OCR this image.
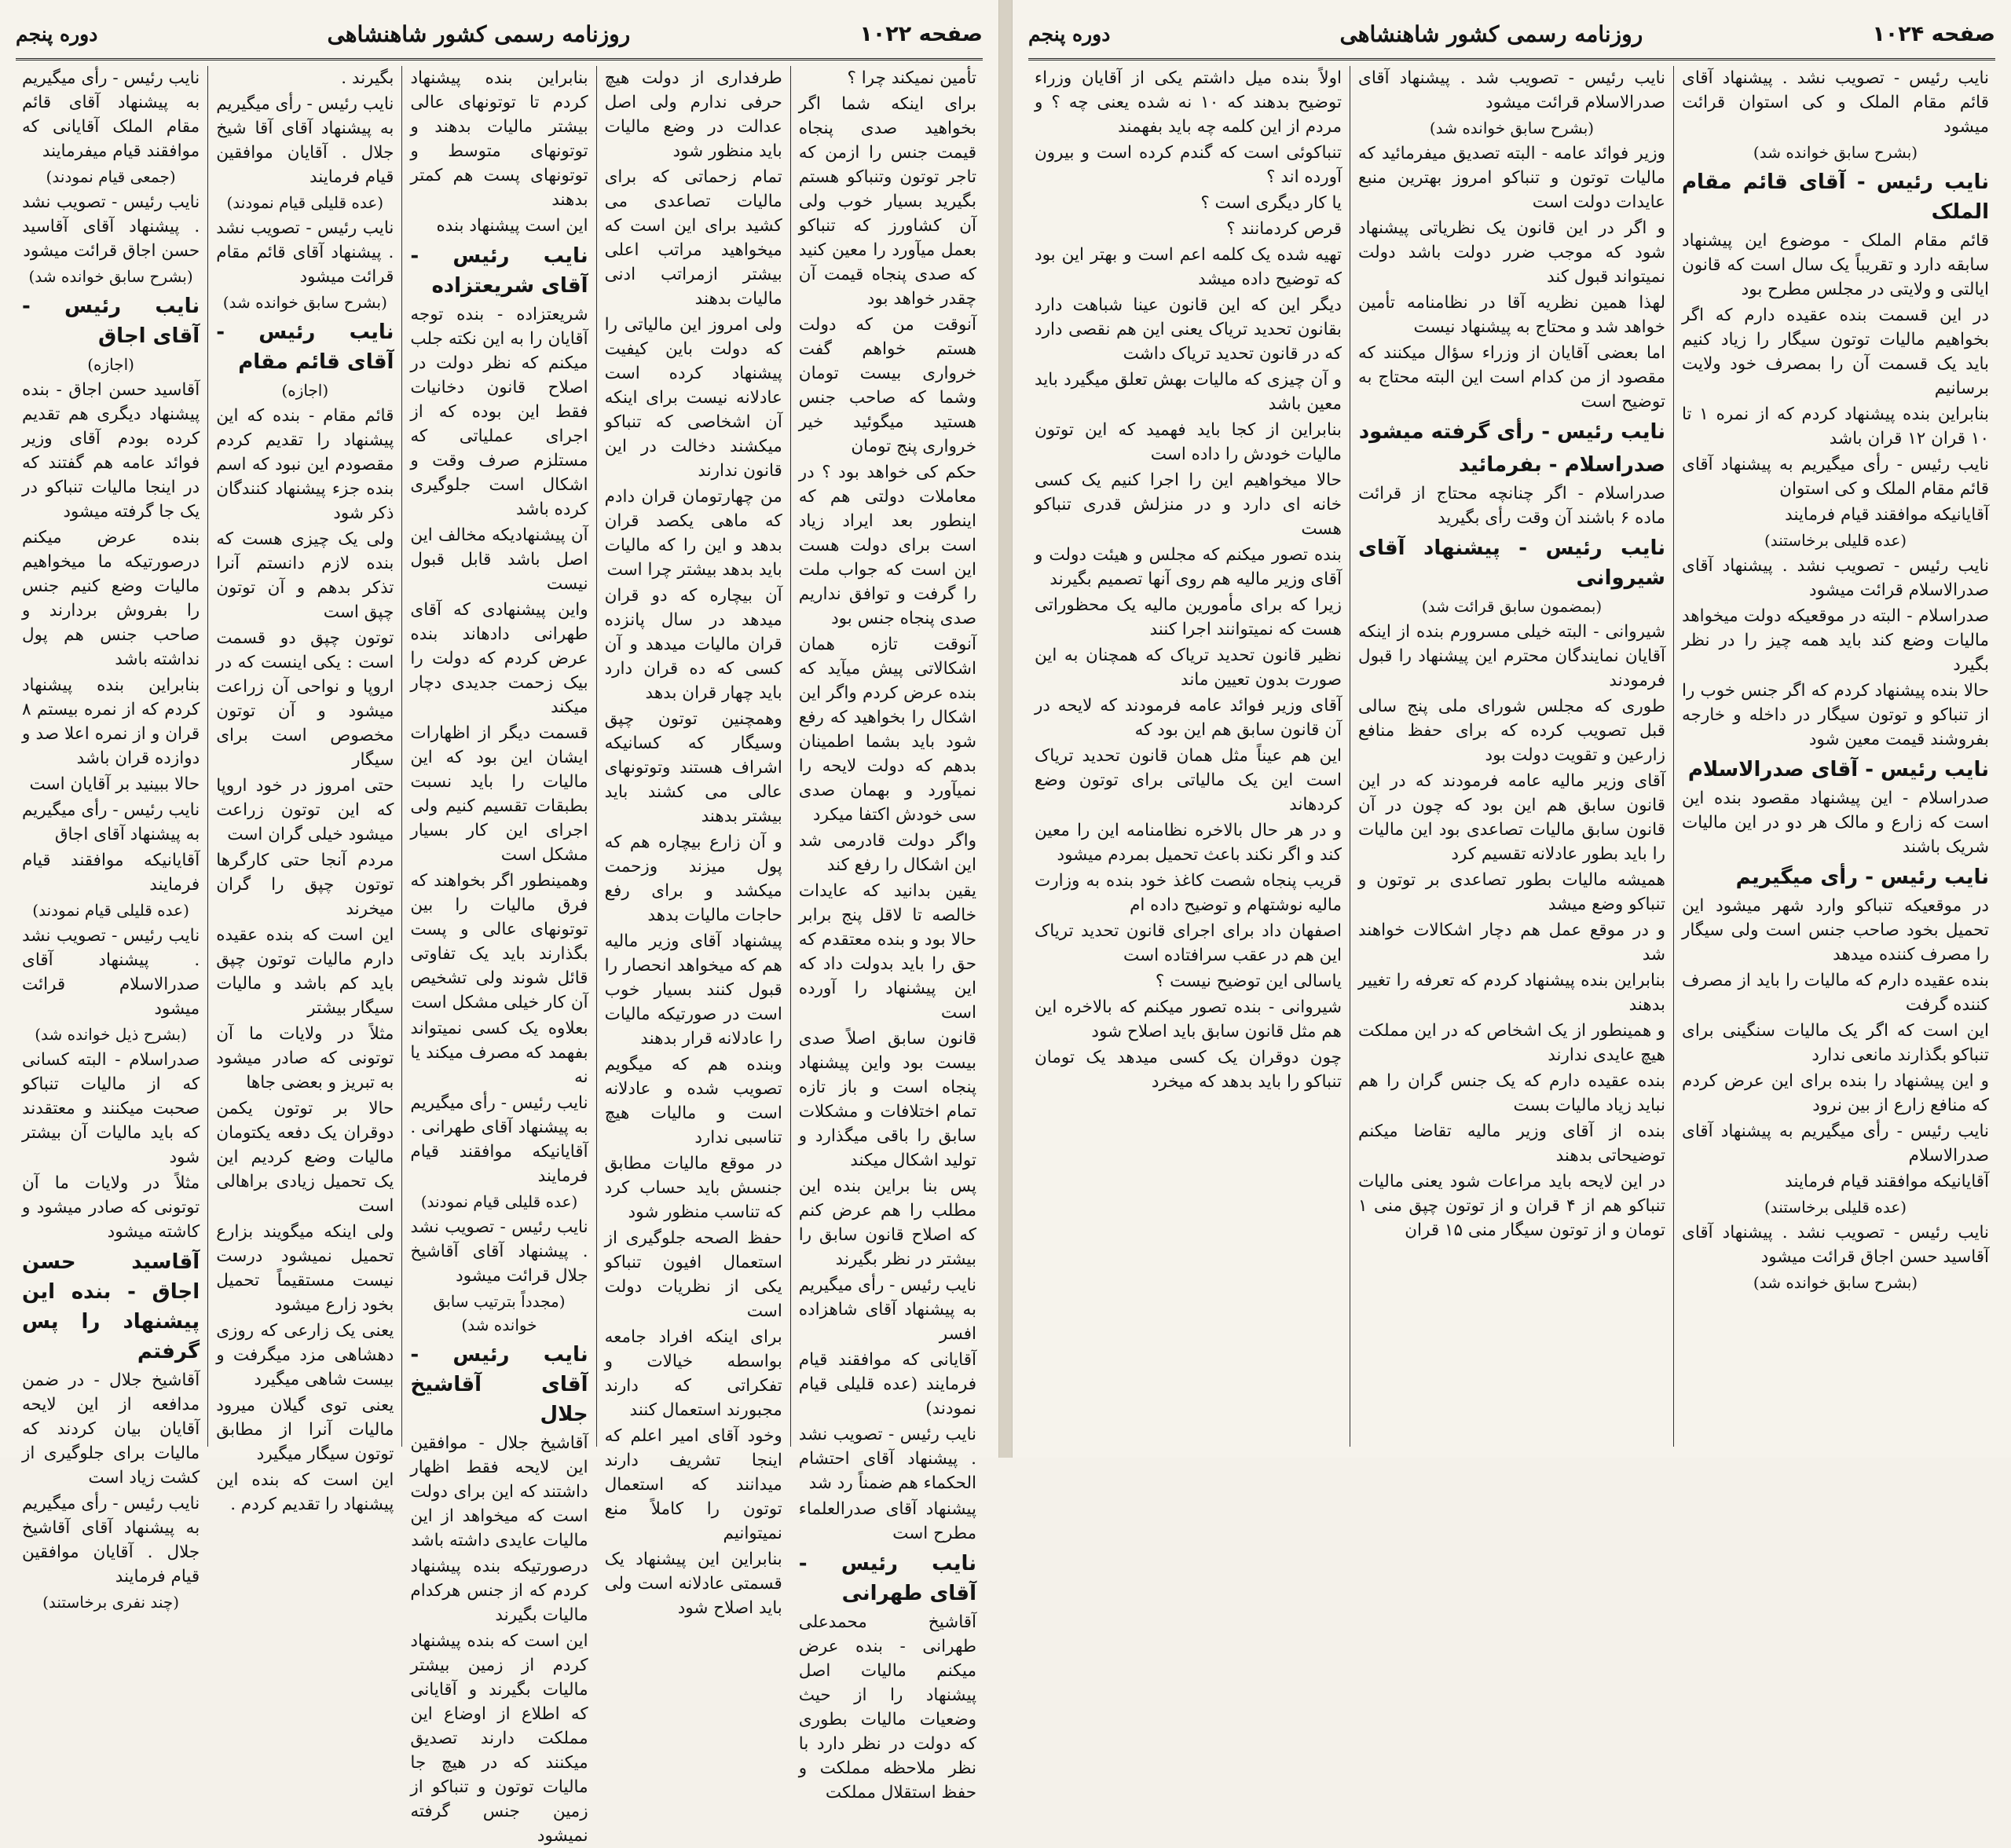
صفحه ۱۰۲۲
روزنامه رسمی کشور شاهنشاهی
دوره پنجم

تأمین نمیکند چرا ؟

برای اینکه شما اگر بخواهید صدی پنجاه قیمت جنس را ازمن که تاجر توتون وتنباکو هستم بگیرید بسیار خوب ولی آن کشاورز که تنباکو بعمل میآورد را معین کنید که صدی پنجاه قیمت آن چقدر خواهد بود

آنوقت من که دولت هستم خواهم گفت خرواری بیست تومان وشما که صاحب جنس هستید میگوئید خیر خرواری پنج تومان

حکم کی خواهد بود ؟ در معاملات دولتی هم که اینطور بعد ایراد زیاد است برای دولت هست این است که جواب ملت را گرفت و توافق نداریم صدی پنجاه جنس بود

آنوقت تازه همان اشکالاتی پیش میآید که بنده عرض کردم واگر این اشکال را بخواهید که رفع شود باید بشما اطمینان بدهم که دولت لایحه را نمیآورد و بهمان صدی سی خودش اکتفا میکرد

واگر دولت قادرمی شد این اشکال را رفع کند

یقین بدانید که عایدات خالصه تا لاقل پنج برابر حالا بود و بنده معتقدم که حق را باید بدولت داد که این پیشنهاد را آورده است

قانون سابق اصلاً صدی بیست بود واین پیشنهاد پنجاه است و باز تازه تمام اختلافات و مشکلات سابق را باقی میگذارد و تولید اشکال میکند

پس بنا براین بنده این مطلب را هم عرض کنم که اصلاح قانون سابق را بیشتر در نظر بگیرند

نایب رئیس - رأی میگیریم به پیشنهاد آقای شاهزاده افسر

آقایانی که موافقند قیام فرمایند (عده قلیلی قیام نمودند)

نایب رئیس - تصویب نشد . پیشنهاد آقای احتشام الحکماء هم ضمناً رد شد

پیشنهاد آقای صدرالعلماء مطرح است

نایب رئیس - آقای طهرانی

آقاشیخ محمدعلی طهرانی - بنده عرض میکنم مالیات اصل پیشنهاد را از حیث وضعیات مالیات بطوری که دولت در نظر دارد با نظر ملاحظه مملکت و حفظ استقلال مملکت

طرفداری از دولت هیچ حرفی ندارم ولی اصل عدالت در وضع مالیات باید منظور شود

تمام زحماتی که برای مالیات تصاعدی می کشید برای این است که میخواهید مراتب اعلی بیشتر ازمراتب ادنی مالیات بدهند

ولی امروز این مالیاتی را که دولت باین کیفیت پیشنهاد کرده است عادلانه نیست برای اینکه آن اشخاصی که تنباکو میکشند دخالت در این قانون ندارند

من چهارتومان قران دادم که ماهی یکصد قران بدهد و این را که مالیات باید بدهد بیشتر چرا است

آن بیچاره که دو قران میدهد در سال پانزده قران مالیات میدهد و آن کسی که ده قران دارد باید چهار قران بدهد

وهمچنین توتون چپق وسیگار که کسانیکه اشراف هستند وتوتونهای عالی می کشند باید بیشتر بدهند

و آن زارع بیچاره هم که پول میزند وزحمت میکشد و برای رفع حاجات مالیات بدهد

پیشنهاد آقای وزیر مالیه هم که میخواهد انحصار را قبول کنند بسیار خوب است در صورتیکه مالیات را عادلانه قرار بدهند

وبنده هم که میگویم تصویب شده و عادلانه است و مالیات هیچ تناسبی ندارد

در موقع مالیات مطابق جنسش باید حساب کرد که تناسب منظور شود

حفظ الصحه جلوگیری از استعمال افیون تنباکو یکی از نظریات دولت است

برای اینکه افراد جامعه بواسطه خیالات و تفکراتی که دارند مجبورند استعمال کنند

وخود آقای امیر اعلم که اینجا تشریف دارند میدانند که استعمال توتون را کاملاً منع نمیتوانیم

بنابراین این پیشنهاد یک قسمتی عادلانه است ولی باید اصلاح شود

بنابراین بنده پیشنهاد کردم تا توتونهای عالی بیشتر مالیات بدهند و توتونهای متوسط و توتونهای پست هم کمتر بدهند

این است پیشنهاد بنده

نایب رئیس - آقای شریعتزاده

شریعتزاده - بنده توجه آقایان را به این نکته جلب میکنم که نظر دولت در اصلاح قانون دخانیات فقط این بوده که از اجرای عملیاتی که مستلزم صرف وقت و اشکال است جلوگیری کرده باشد

آن پیشنهادیکه مخالف این اصل باشد قابل قبول نیست

واین پیشنهادی که آقای طهرانی دادهاند بنده عرض کردم که دولت را بیک زحمت جدیدی دچار میکند

قسمت دیگر از اظهارات ایشان این بود که این مالیات را باید نسبت بطبقات تقسیم کنیم ولی اجرای این کار بسیار مشکل است

وهمینطور اگر بخواهند که فرق مالیات را بین توتونهای عالی و پست بگذارند باید یک تفاوتی قائل شوند ولی تشخیص آن کار خیلی مشکل است

بعلاوه یک کسی نمیتواند بفهمد که مصرف میکند یا نه

نایب رئیس - رأی میگیریم به پیشنهاد آقای طهرانی . آقایانیکه موافقند قیام فرمایند

(عده قلیلی قیام نمودند)

نایب رئیس - تصویب نشد . پیشنهاد آقای آقاشیخ جلال قرائت میشود

(مجدداً بترتیب سابق خوانده شد)

نایب رئیس - آقای آقاشیخ جلال

آقاشیخ جلال - موافقین این لایحه فقط اظهار داشتند که این برای دولت است که میخواهد از این مالیات عایدی داشته باشد

درصورتیکه بنده پیشنهاد کردم که از جنس هرکدام مالیات بگیرند

این است که بنده پیشنهاد کردم از زمین بیشتر مالیات بگیرند و آقایانی که اطلاع از اوضاع این مملکت دارند تصدیق میکنند که در هیچ جا مالیات توتون و تنباکو از زمین جنس گرفته نمیشود

بگیرند .

نایب رئیس - رأی میگیریم به پیشنهاد آقای آقا شیخ جلال . آقایان موافقین قیام فرمایند

(عده قلیلی قیام نمودند)

نایب رئیس - تصویب نشد . پیشنهاد آقای قائم مقام قرائت میشود

(بشرح سابق خوانده شد)

نایب رئیس - آقای قائم مقام

(اجازه)

قائم مقام - بنده که این پیشنهاد را تقدیم کردم مقصودم این نبود که اسم بنده جزء پیشنهاد کنندگان ذکر شود

ولی یک چیزی هست که بنده لازم دانستم آنرا تذکر بدهم و آن توتون چپق است

توتون چپق دو قسمت است : یکی اینست که در اروپا و نواحی آن زراعت میشود و آن توتون مخصوص است برای سیگار

حتی امروز در خود اروپا که این توتون زراعت میشود خیلی گران است

مردم آنجا حتی کارگرها توتون چپق را گران میخرند

این است که بنده عقیده دارم مالیات توتون چپق باید کم باشد و مالیات سیگار بیشتر

مثلاً در ولایات ما آن توتونی که صادر میشود به تبریز و بعضی جاها

حالا بر توتون یکمن دوقران یک دفعه یکتومان مالیات وضع کردیم این یک تحمیل زیادی براهالی است

ولی اینکه میگویند بزارع تحمیل نمیشود درست نیست مستقیماً تحمیل بخود زارع میشود

یعنی یک زارعی که روزی دهشاهی مزد میگرفت و بیست شاهی میگیرد

یعنی توی گیلان میرود مالیات آنرا از مطابق توتون سیگار میگیرد

این است که بنده این پیشنهاد را تقدیم کردم .

نایب رئیس - رأی میگیریم به پیشنهاد آقای قائم مقام الملک آقایانی که موافقند قیام میفرمایند

(جمعی قیام نمودند)

نایب رئیس - تصویب نشد . پیشنهاد آقای آقاسید حسن اجاق قرائت میشود

(بشرح سابق خوانده شد)

نایب رئیس - آقای اجاق

(اجازه)

آقاسید حسن اجاق - بنده پیشنهاد دیگری هم تقدیم کرده بودم آقای وزیر فوائد عامه هم گفتند که در اینجا مالیات تنباکو در یک جا گرفته میشود

بنده عرض میکنم درصورتیکه ما میخواهیم مالیات وضع کنیم جنس را بفروش بردارند و صاحب جنس هم پول نداشته باشد

بنابراین بنده پیشنهاد کردم که از نمره بیستم ۸ قران و از نمره اعلا صد و دوازده قران باشد

حالا ببینید بر آقایان است

نایب رئیس - رأی میگیریم به پیشنهاد آقای اجاق

آقایانیکه موافقند قیام فرمایند

(عده قلیلی قیام نمودند)

نایب رئیس - تصویب نشد . پیشنهاد آقای صدرالاسلام قرائت میشود

(بشرح ذیل خوانده شد)

صدراسلام - البته کسانی که از مالیات تنباکو صحبت میکنند و معتقدند که باید مالیات آن بیشتر شود

مثلاً در ولایات ما آن توتونی که صادر میشود و کاشته میشود

آقاسید حسن اجاق - بنده این پیشنهاد را پس گرفتم

آقاشیخ جلال - در ضمن مدافعه از این لایحه آقایان بیان کردند که مالیات برای جلوگیری از کشت زیاد است

نایب رئیس - رأی میگیریم به پیشنهاد آقای آقاشیخ جلال . آقایان موافقین قیام فرمایند

(چند نفری برخاستند)

صفحه ۱۰۲۴
روزنامه رسمی کشور شاهنشاهی
دوره پنجم

نایب رئیس - تصویب نشد . پیشنهاد آقای قائم مقام الملک و کی استوان قرائت میشود

(بشرح سابق خوانده شد)

نایب رئیس - آقای قائم مقام الملک

قائم مقام الملک - موضوع این پیشنهاد سابقه دارد و تقریباً یک سال است که قانون ایالتی و ولایتی در مجلس مطرح بود

در این قسمت بنده عقیده دارم که اگر بخواهیم مالیات توتون سیگار را زیاد کنیم باید یک قسمت آن را بمصرف خود ولایت برسانیم

بنابراین بنده پیشنهاد کردم که از نمره ۱ تا ۱۰ قران ۱۲ قران باشد

نایب رئیس - رأی میگیریم به پیشنهاد آقای قائم مقام الملک و کی استوان

آقایانیکه موافقند قیام فرمایند

(عده قلیلی برخاستند)

نایب رئیس - تصویب نشد . پیشنهاد آقای صدرالاسلام قرائت میشود

صدراسلام - البته در موقعیکه دولت میخواهد مالیات وضع کند باید همه چیز را در نظر بگیرد

حالا بنده پیشنهاد کردم که اگر جنس خوب را از تنباکو و توتون سیگار در داخله و خارجه بفروشند قیمت معین شود

نایب رئیس - آقای صدرالاسلام

صدراسلام - این پیشنهاد مقصود بنده این است که زارع و مالک هر دو در این مالیات شریک باشند

نایب رئیس - رأی میگیریم

در موقعیکه تنباکو وارد شهر میشود این تحمیل بخود صاحب جنس است ولی سیگار را مصرف کننده میدهد

بنده عقیده دارم که مالیات را باید از مصرف کننده گرفت

این است که اگر یک مالیات سنگینی برای تنباکو بگذارند مانعی ندارد

و این پیشنهاد را بنده برای این عرض کردم که منافع زارع از بین نرود

نایب رئیس - رأی میگیریم به پیشنهاد آقای صدرالاسلام

آقایانیکه موافقند قیام فرمایند

(عده قلیلی برخاستند)

نایب رئیس - تصویب نشد . پیشنهاد آقای آقاسید حسن اجاق قرائت میشود

(بشرح سابق خوانده شد)

نایب رئیس - تصویب شد . پیشنهاد آقای صدرالاسلام قرائت میشود

(بشرح سابق خوانده شد)

وزیر فوائد عامه - البته تصدیق میفرمائید که مالیات توتون و تنباکو امروز بهترین منبع عایدات دولت است

و اگر در این قانون یک نظریاتی پیشنهاد شود که موجب ضرر دولت باشد دولت نمیتواند قبول کند

لهذا همین نظریه آقا در نظامنامه تأمین خواهد شد و محتاج به پیشنهاد نیست

اما بعضی آقایان از وزراء سؤال میکنند که مقصود از من کدام است این البته محتاج به توضیح است

نایب رئیس - رأی گرفته میشود

صدراسلام - بفرمائید

صدراسلام - اگر چنانچه محتاج از قرائت ماده ۶ باشند آن وقت رأی بگیرید

نایب رئیس - پیشنهاد آقای شیروانی

(بمضمون سابق قرائت شد)

شیروانی - البته خیلی مسرورم بنده از اینکه آقایان نمایندگان محترم این پیشنهاد را قبول فرمودند

طوری که مجلس شورای ملی پنج سالی قبل تصویب کرده که برای حفظ منافع زارعین و تقویت دولت بود

آقای وزیر مالیه عامه فرمودند که در این قانون سابق هم این بود که چون در آن قانون سابق مالیات تصاعدی بود این مالیات را باید بطور عادلانه تقسیم کرد

همیشه مالیات بطور تصاعدی بر توتون و تنباکو وضع میشد

و در موقع عمل هم دچار اشکالات خواهند شد

بنابراین بنده پیشنهاد کردم که تعرفه را تغییر بدهند

و همینطور از یک اشخاص که در این مملکت هیچ عایدی ندارند

بنده عقیده دارم که یک جنس گران را هم نباید زیاد مالیات بست

بنده از آقای وزیر مالیه تقاضا میکنم توضیحاتی بدهند

در این لایحه باید مراعات شود یعنی مالیات تنباکو هم از ۴ قران و از توتون چپق منی ۱ تومان و از توتون سیگار منی ۱۵ قران

اولاً بنده میل داشتم یکی از آقایان وزراء توضیح بدهند که ۱۰ نه شده یعنی چه ؟ و مردم از این کلمه چه باید بفهمند

تنباکوئی است که گندم کرده است و بیرون آورده اند ؟

یا کار دیگری است ؟

قرص کردمانند ؟

تهیه شده یک کلمه اعم است و بهتر این بود که توضیح داده میشد

دیگر این که این قانون عینا شباهت دارد بقانون تحدید تریاک یعنی این هم نقصی دارد که در قانون تحدید تریاک داشت

و آن چیزی که مالیات بهش تعلق میگیرد باید معین باشد

بنابراین از کجا باید فهمید که این توتون مالیات خودش را داده است

حالا میخواهیم این را اجرا کنیم یک کسی خانه ای دارد و در منزلش قدری تنباکو هست

بنده تصور میکنم که مجلس و هیئت دولت و آقای وزیر مالیه هم روی آنها تصمیم بگیرند

زیرا که برای مأمورین مالیه یک محظوراتی هست که نمیتوانند اجرا کنند

نظیر قانون تحدید تریاک که همچنان به این صورت بدون تعیین ماند

آقای وزیر فوائد عامه فرمودند که لایحه در آن قانون سابق هم این بود که

این هم عیناً مثل همان قانون تحدید تریاک است این یک مالیاتی برای توتون وضع کردهاند

و در هر حال بالاخره نظامنامه این را معین کند و اگر نکند باعث تحمیل بمردم میشود

قریب پنجاه شصت کاغذ خود بنده به وزارت مالیه نوشتهام و توضیح داده ام

اصفهان داد برای اجرای قانون تحدید تریاک این هم در عقب سرافتاده است

یاسالی این توضیح نیست ؟

شیروانی - بنده تصور میکنم که بالاخره این هم مثل قانون سابق باید اصلاح شود

چون دوقران یک کسی میدهد یک تومان تنباکو را باید بدهد که میخرد
